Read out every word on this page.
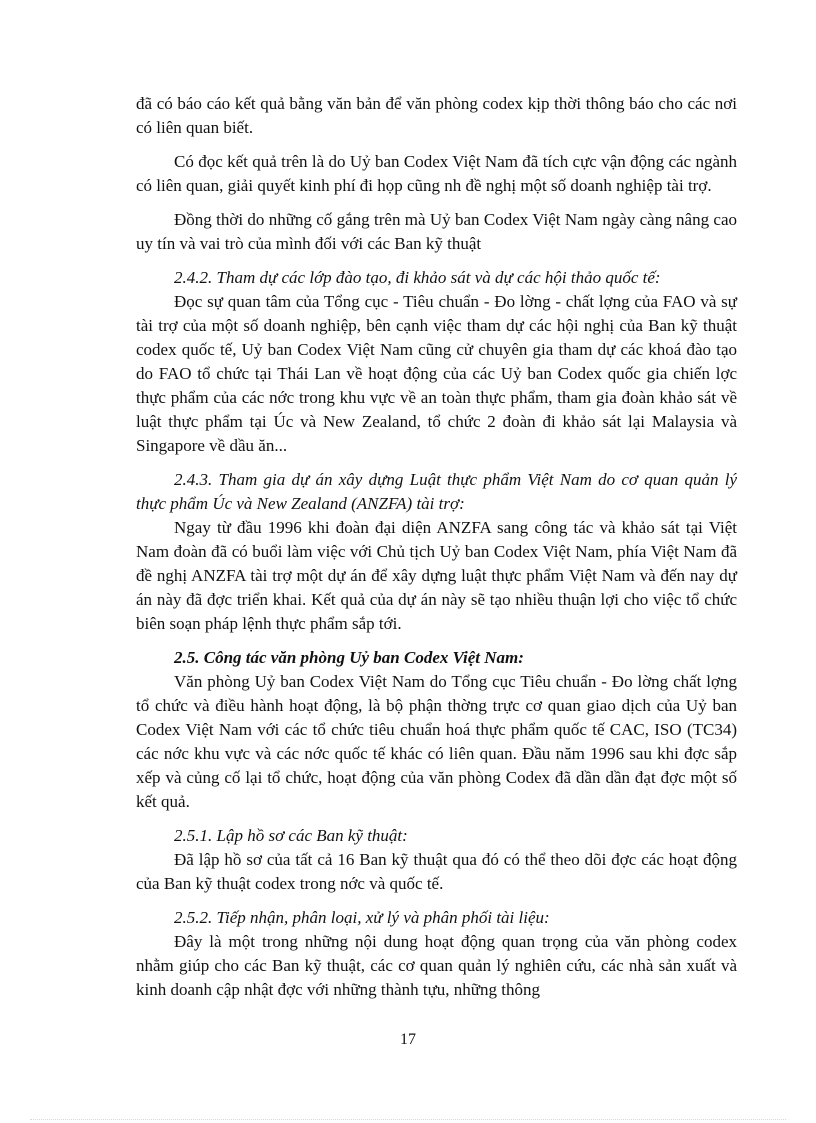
đã có báo cáo kết quả bằng văn bản để văn phòng codex kịp thời thông báo cho các nơi có liên quan biết.

Có đọc kết quả trên là do Uỷ ban Codex Việt Nam đã tích cực vận động các ngành có liên quan, giải quyết kinh phí đi họp cũng nh đề nghị một số doanh nghiệp tài trợ.

Đồng thời do những cố gắng trên mà Uỷ ban Codex Việt Nam ngày càng nâng cao uy tín và vai trò của mình đối với các Ban kỹ thuật

2.4.2. Tham dự các lớp đào tạo, đi khảo sát và dự các hội thảo quốc tế:

Đọc sự quan tâm của Tổng cục - Tiêu chuẩn - Đo lờng - chất lợng của FAO và sự tài trợ của một số doanh nghiệp, bên cạnh việc tham dự các hội nghị của Ban kỹ thuật codex quốc tế, Uỷ ban Codex Việt Nam cũng cử chuyên gia tham dự các khoá đào tạo do FAO tổ chức tại Thái Lan về hoạt động của các Uỷ ban Codex quốc gia chiến lợc thực phẩm của các nớc trong khu vực về an toàn thực phẩm, tham gia đoàn khảo sát về luật thực phẩm tại Úc và New Zealand, tổ chức 2 đoàn đi khảo sát lại Malaysia và Singapore về dầu ăn...

2.4.3. Tham gia dự án xây dựng Luật thực phẩm Việt Nam do cơ quan quản lý thực phẩm Úc và New Zealand (ANZFA) tài trợ:

Ngay từ đầu 1996 khi đoàn đại diện ANZFA sang công tác và khảo sát tại Việt Nam đoàn đã có buổi làm việc với Chủ tịch Uỷ ban Codex Việt Nam, phía Việt Nam đã đề nghị ANZFA tài trợ một dự án để xây dựng luật thực phẩm Việt Nam và đến nay dự án này đã đợc triển khai. Kết quả của dự án này sẽ tạo nhiều thuận lợi cho việc tổ chức biên soạn pháp lệnh thực phẩm sắp tới.

2.5. Công tác văn phòng Uỷ ban Codex Việt Nam:

Văn phòng Uỷ ban Codex Việt Nam do Tổng cục Tiêu chuẩn - Đo lờng chất lợng tổ chức và điều hành hoạt động, là bộ phận thờng trực cơ quan giao dịch của Uỷ ban Codex Việt Nam với các tổ chức tiêu chuẩn hoá thực phẩm quốc tế CAC, ISO (TC34) các nớc khu vực và các nớc quốc tế khác có liên quan. Đầu năm 1996 sau khi đợc sắp xếp và củng cố lại tổ chức, hoạt động của văn phòng Codex đã dần dần đạt đợc một số kết quả.

2.5.1. Lập hồ sơ các Ban kỹ thuật:

Đã lập hồ sơ của tất cả 16 Ban kỹ thuật qua đó có thể theo dõi đợc các hoạt động của Ban kỹ thuật codex trong nớc và quốc tế.

2.5.2. Tiếp nhận, phân loại, xử lý và phân phối tài liệu:

Đây là một trong những nội dung hoạt động quan trọng của văn phòng codex nhằm giúp cho các Ban kỹ thuật, các cơ quan quản lý nghiên cứu, các nhà sản xuất và kinh doanh cập nhật đợc với những thành tựu, những thông

17
